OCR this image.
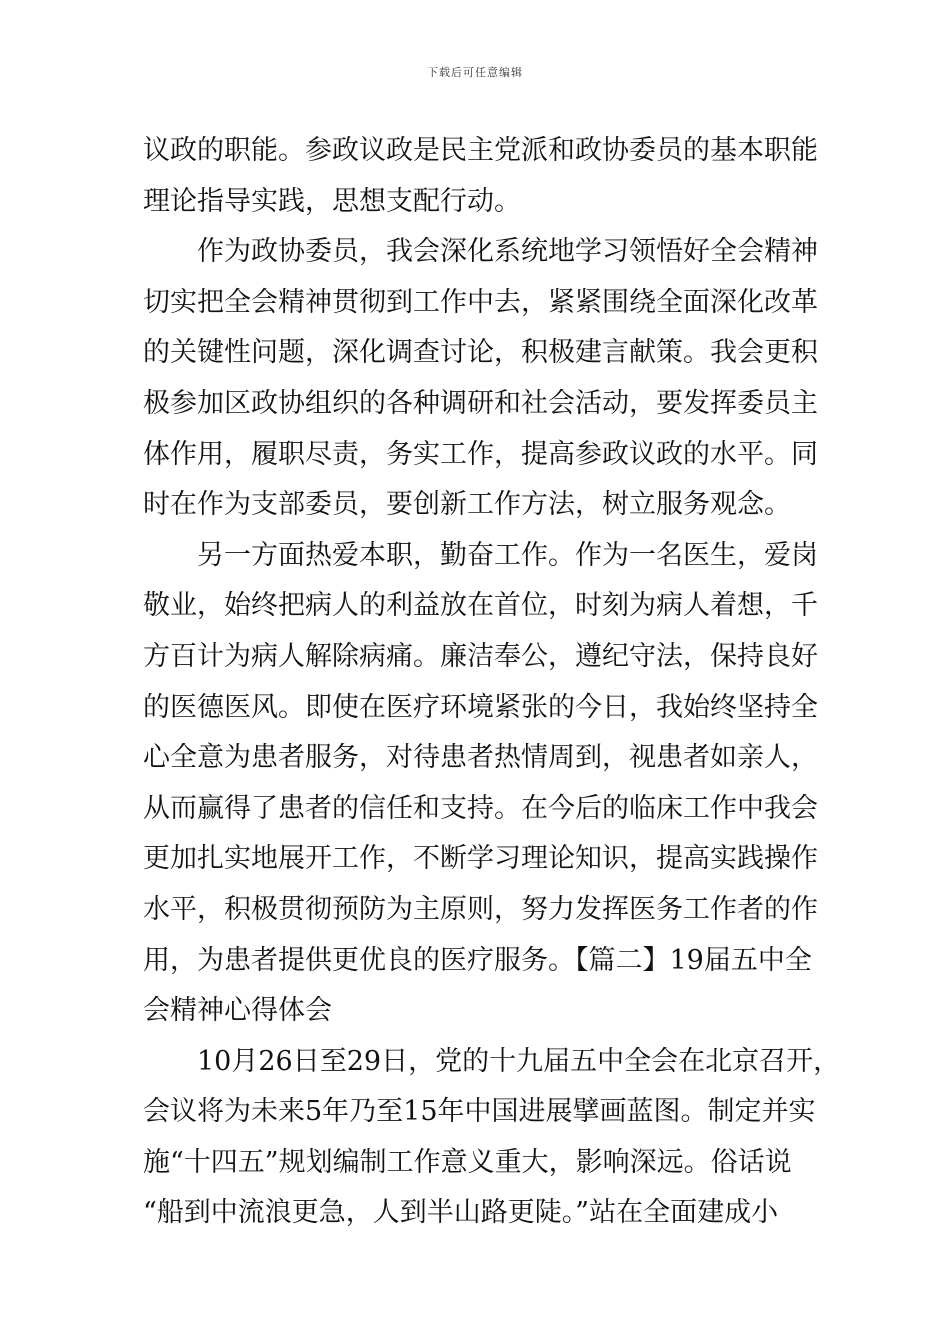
下载后可任意编辑
议政的职能。参政议政是民主党派和政协委员的基本职能
理论指导实践，思想支配行动。
作为政协委员，我会深化系统地学习领悟好全会精神
切实把全会精神贯彻到工作中去，紧紧围绕全面深化改革
的关键性问题，深化调查讨论，积极建言献策。我会更积
极参加区政协组织的各种调研和社会活动，要发挥委员主
体作用，履职尽责，务实工作，提高参政议政的水平。同
时在作为支部委员，要创新工作方法，树立服务观念。
另一方面热爱本职，勤奋工作。作为一名医生，爱岗
敬业，始终把病人的利益放在首位，时刻为病人着想，千
方百计为病人解除病痛。廉洁奉公，遵纪守法，保持良好
的医德医风。即使在医疗环境紧张的今日，我始终坚持全
心全意为患者服务，对待患者热情周到，视患者如亲人，
从而赢得了患者的信任和支持。在今后的临床工作中我会
更加扎实地展开工作，不断学习理论知识，提高实践操作
水平，积极贯彻预防为主原则，努力发挥医务工作者的作
用，为患者提供更优良的医疗服务。【篇二】19届五中全
会精神心得体会
10月26日至29日，党的十九届五中全会在北京召开，
会议将为未来5年乃至15年中国进展擘画蓝图。制定并实
施“十四五”规划编制工作意义重大，影响深远。俗话说
“船到中流浪更急，人到半山路更陡。”站在全面建成小
